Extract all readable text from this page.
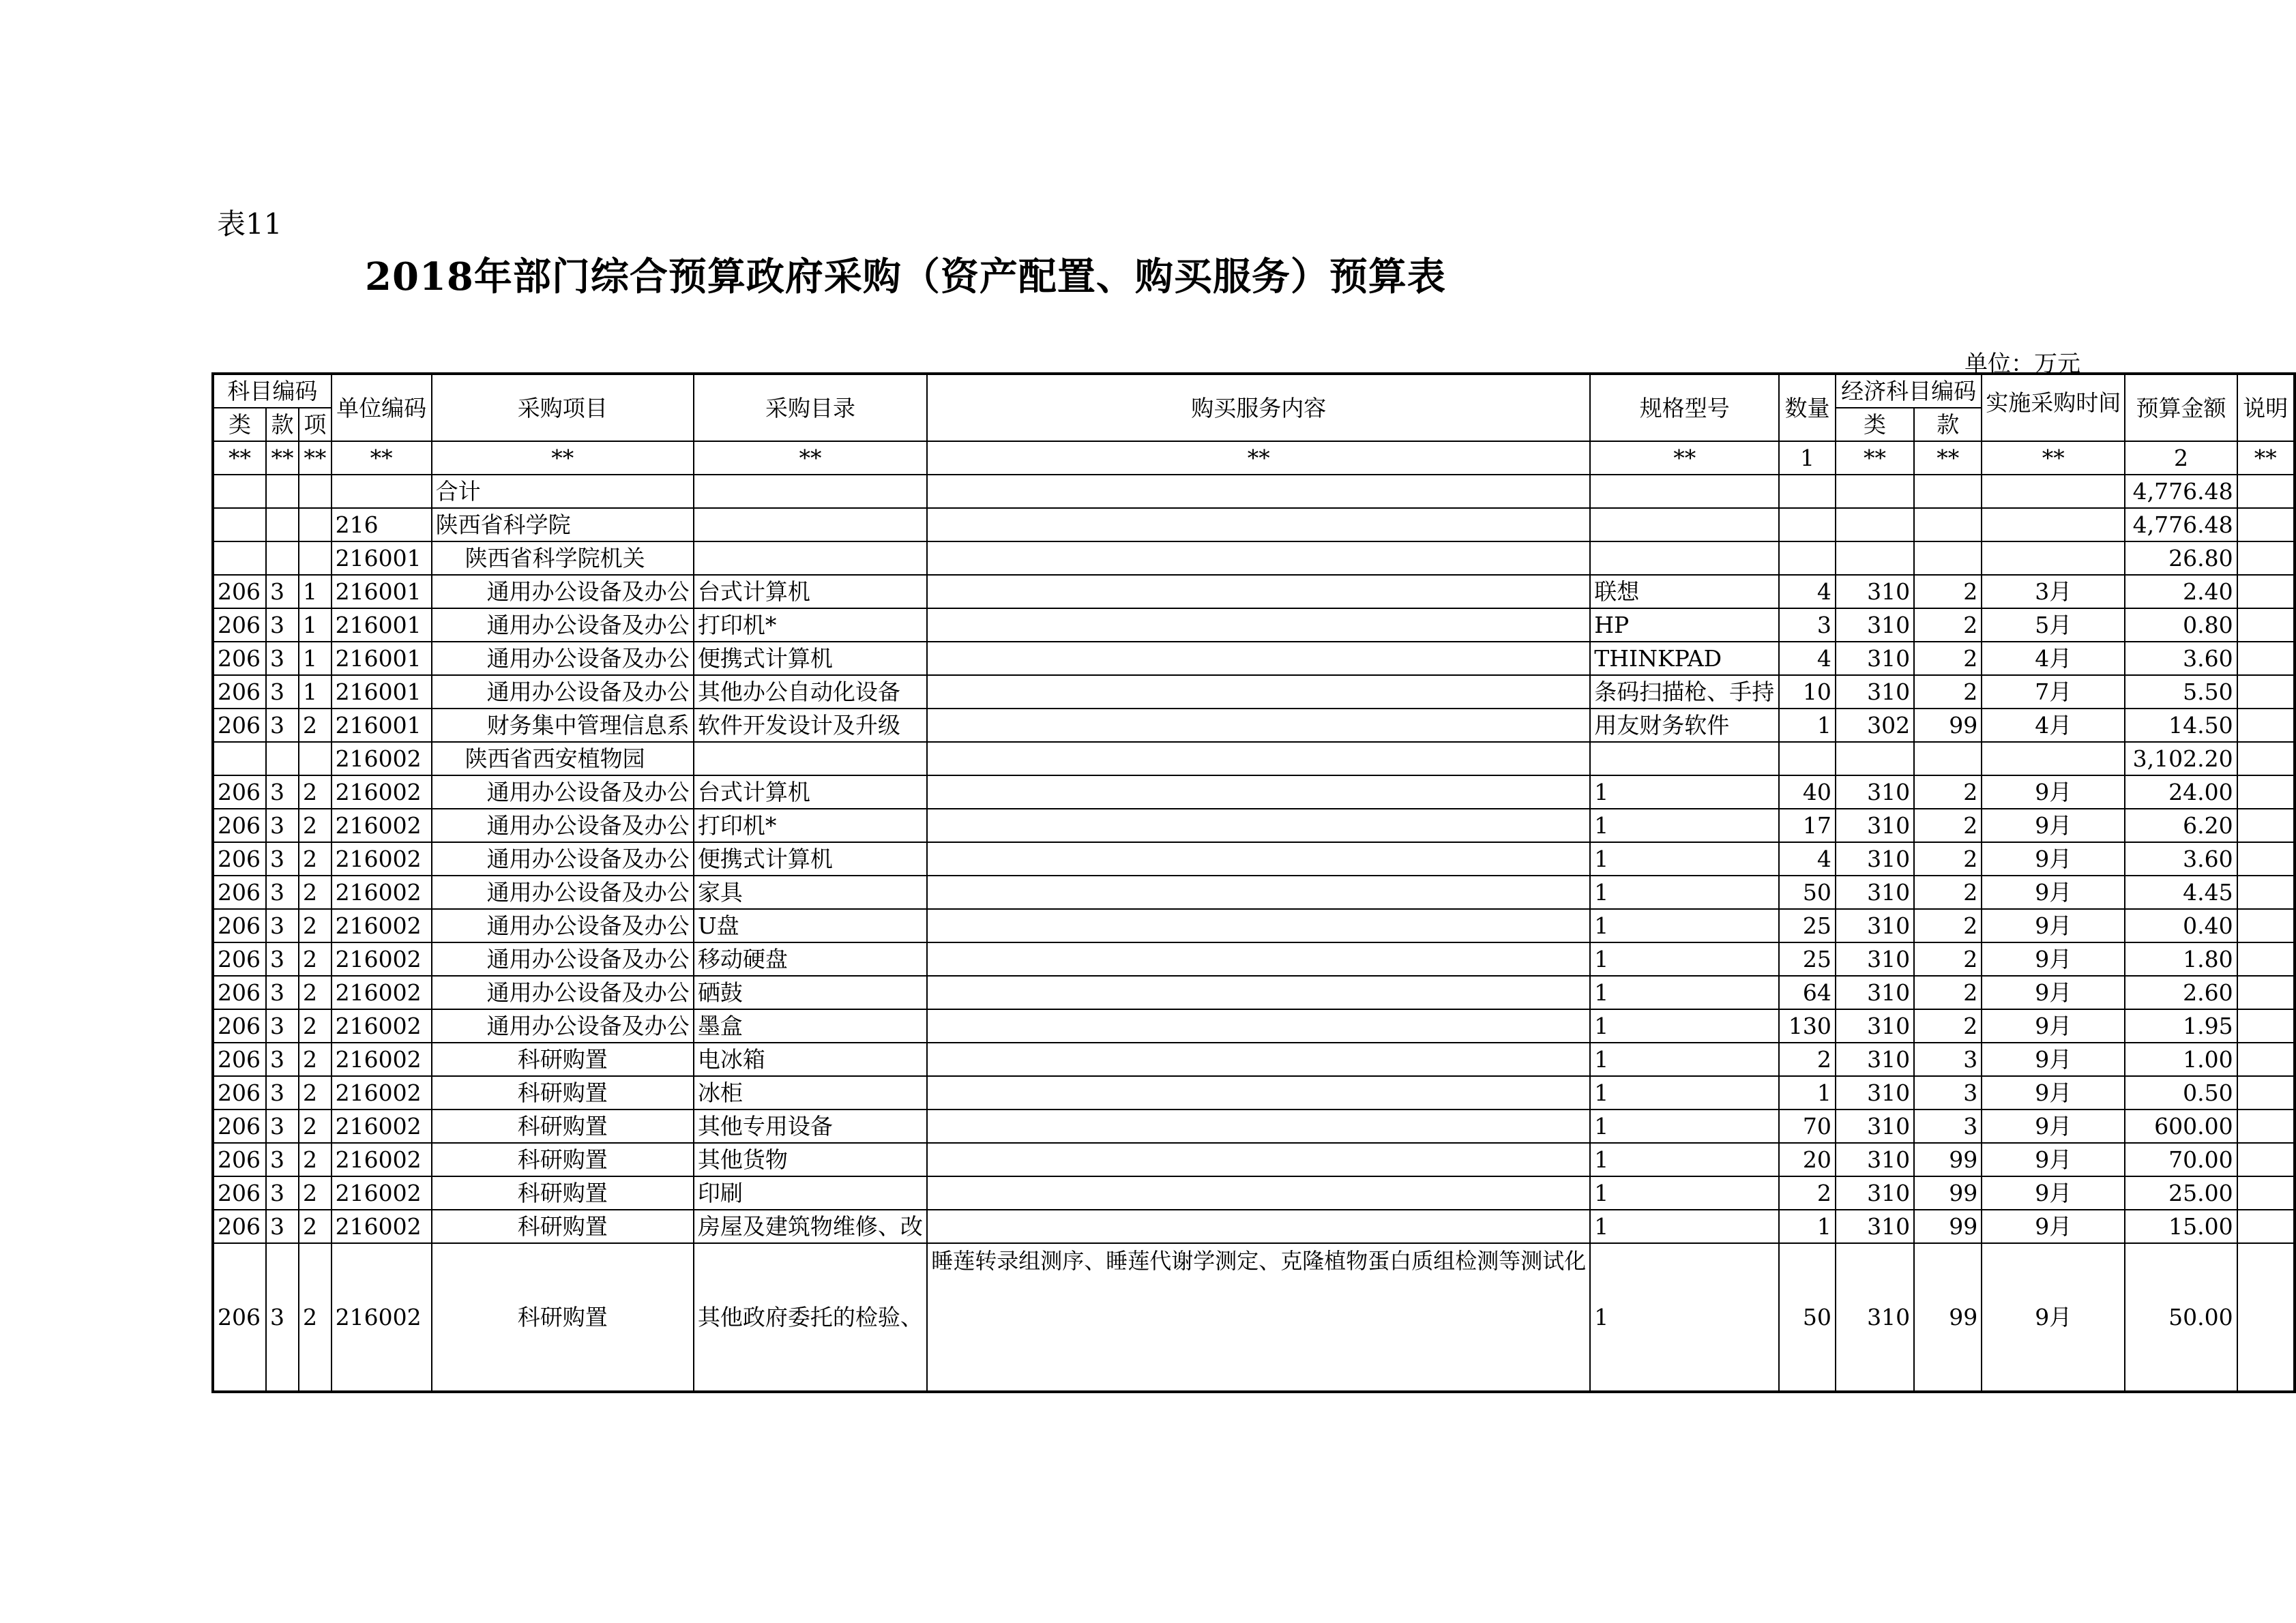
表11
2018年部门综合预算政府采购（资产配置、购买服务）预算表
单位：万元
科目编码			单位编码	采购项目	采购目录	购买服务内容	规格型号	数量	经济科目编码		实施采购时间	预算金额	说明
类	款	项							类	款			
**	**	**	**	**	**	**	**	1	**	**	**	2	**
				合计								4,776.48	
			216	陕西省科学院								4,776.48	
			216001	陕西省科学院机关								26.80	
206	3	1	216001	通用办公设备及办公	台式计算机		联想	4	310	2	3月	2.40	
206	3	1	216001	通用办公设备及办公	打印机*		HP	3	310	2	5月	0.80	
206	3	1	216001	通用办公设备及办公	便携式计算机		THINKPAD	4	310	2	4月	3.60	
206	3	1	216001	通用办公设备及办公	其他办公自动化设备		条码扫描枪、手持	10	310	2	7月	5.50	
206	3	2	216001	财务集中管理信息系	软件开发设计及升级		用友财务软件	1	302	99	4月	14.50	
			216002	陕西省西安植物园								3,102.20	
206	3	2	216002	通用办公设备及办公	台式计算机		1	40	310	2	9月	24.00	
206	3	2	216002	通用办公设备及办公	打印机*		1	17	310	2	9月	6.20	
206	3	2	216002	通用办公设备及办公	便携式计算机		1	4	310	2	9月	3.60	
206	3	2	216002	通用办公设备及办公	家具		1	50	310	2	9月	4.45	
206	3	2	216002	通用办公设备及办公	U盘		1	25	310	2	9月	0.40	
206	3	2	216002	通用办公设备及办公	移动硬盘		1	25	310	2	9月	1.80	
206	3	2	216002	通用办公设备及办公	硒鼓		1	64	310	2	9月	2.60	
206	3	2	216002	通用办公设备及办公	墨盒		1	130	310	2	9月	1.95	
206	3	2	216002	科研购置	电冰箱		1	2	310	3	9月	1.00	
206	3	2	216002	科研购置	冰柜		1	1	310	3	9月	0.50	
206	3	2	216002	科研购置	其他专用设备		1	70	310	3	9月	600.00	
206	3	2	216002	科研购置	其他货物		1	20	310	99	9月	70.00	
206	3	2	216002	科研购置	印刷		1	2	310	99	9月	25.00	
206	3	2	216002	科研购置	房屋及建筑物维修、改		1	1	310	99	9月	15.00	
206	3	2	216002	科研购置	其他政府委托的检验、	睡莲转录组测序、睡莲代谢学测定、克隆植物蛋白质组检测等测试化	1	50	310	99	9月	50.00	
